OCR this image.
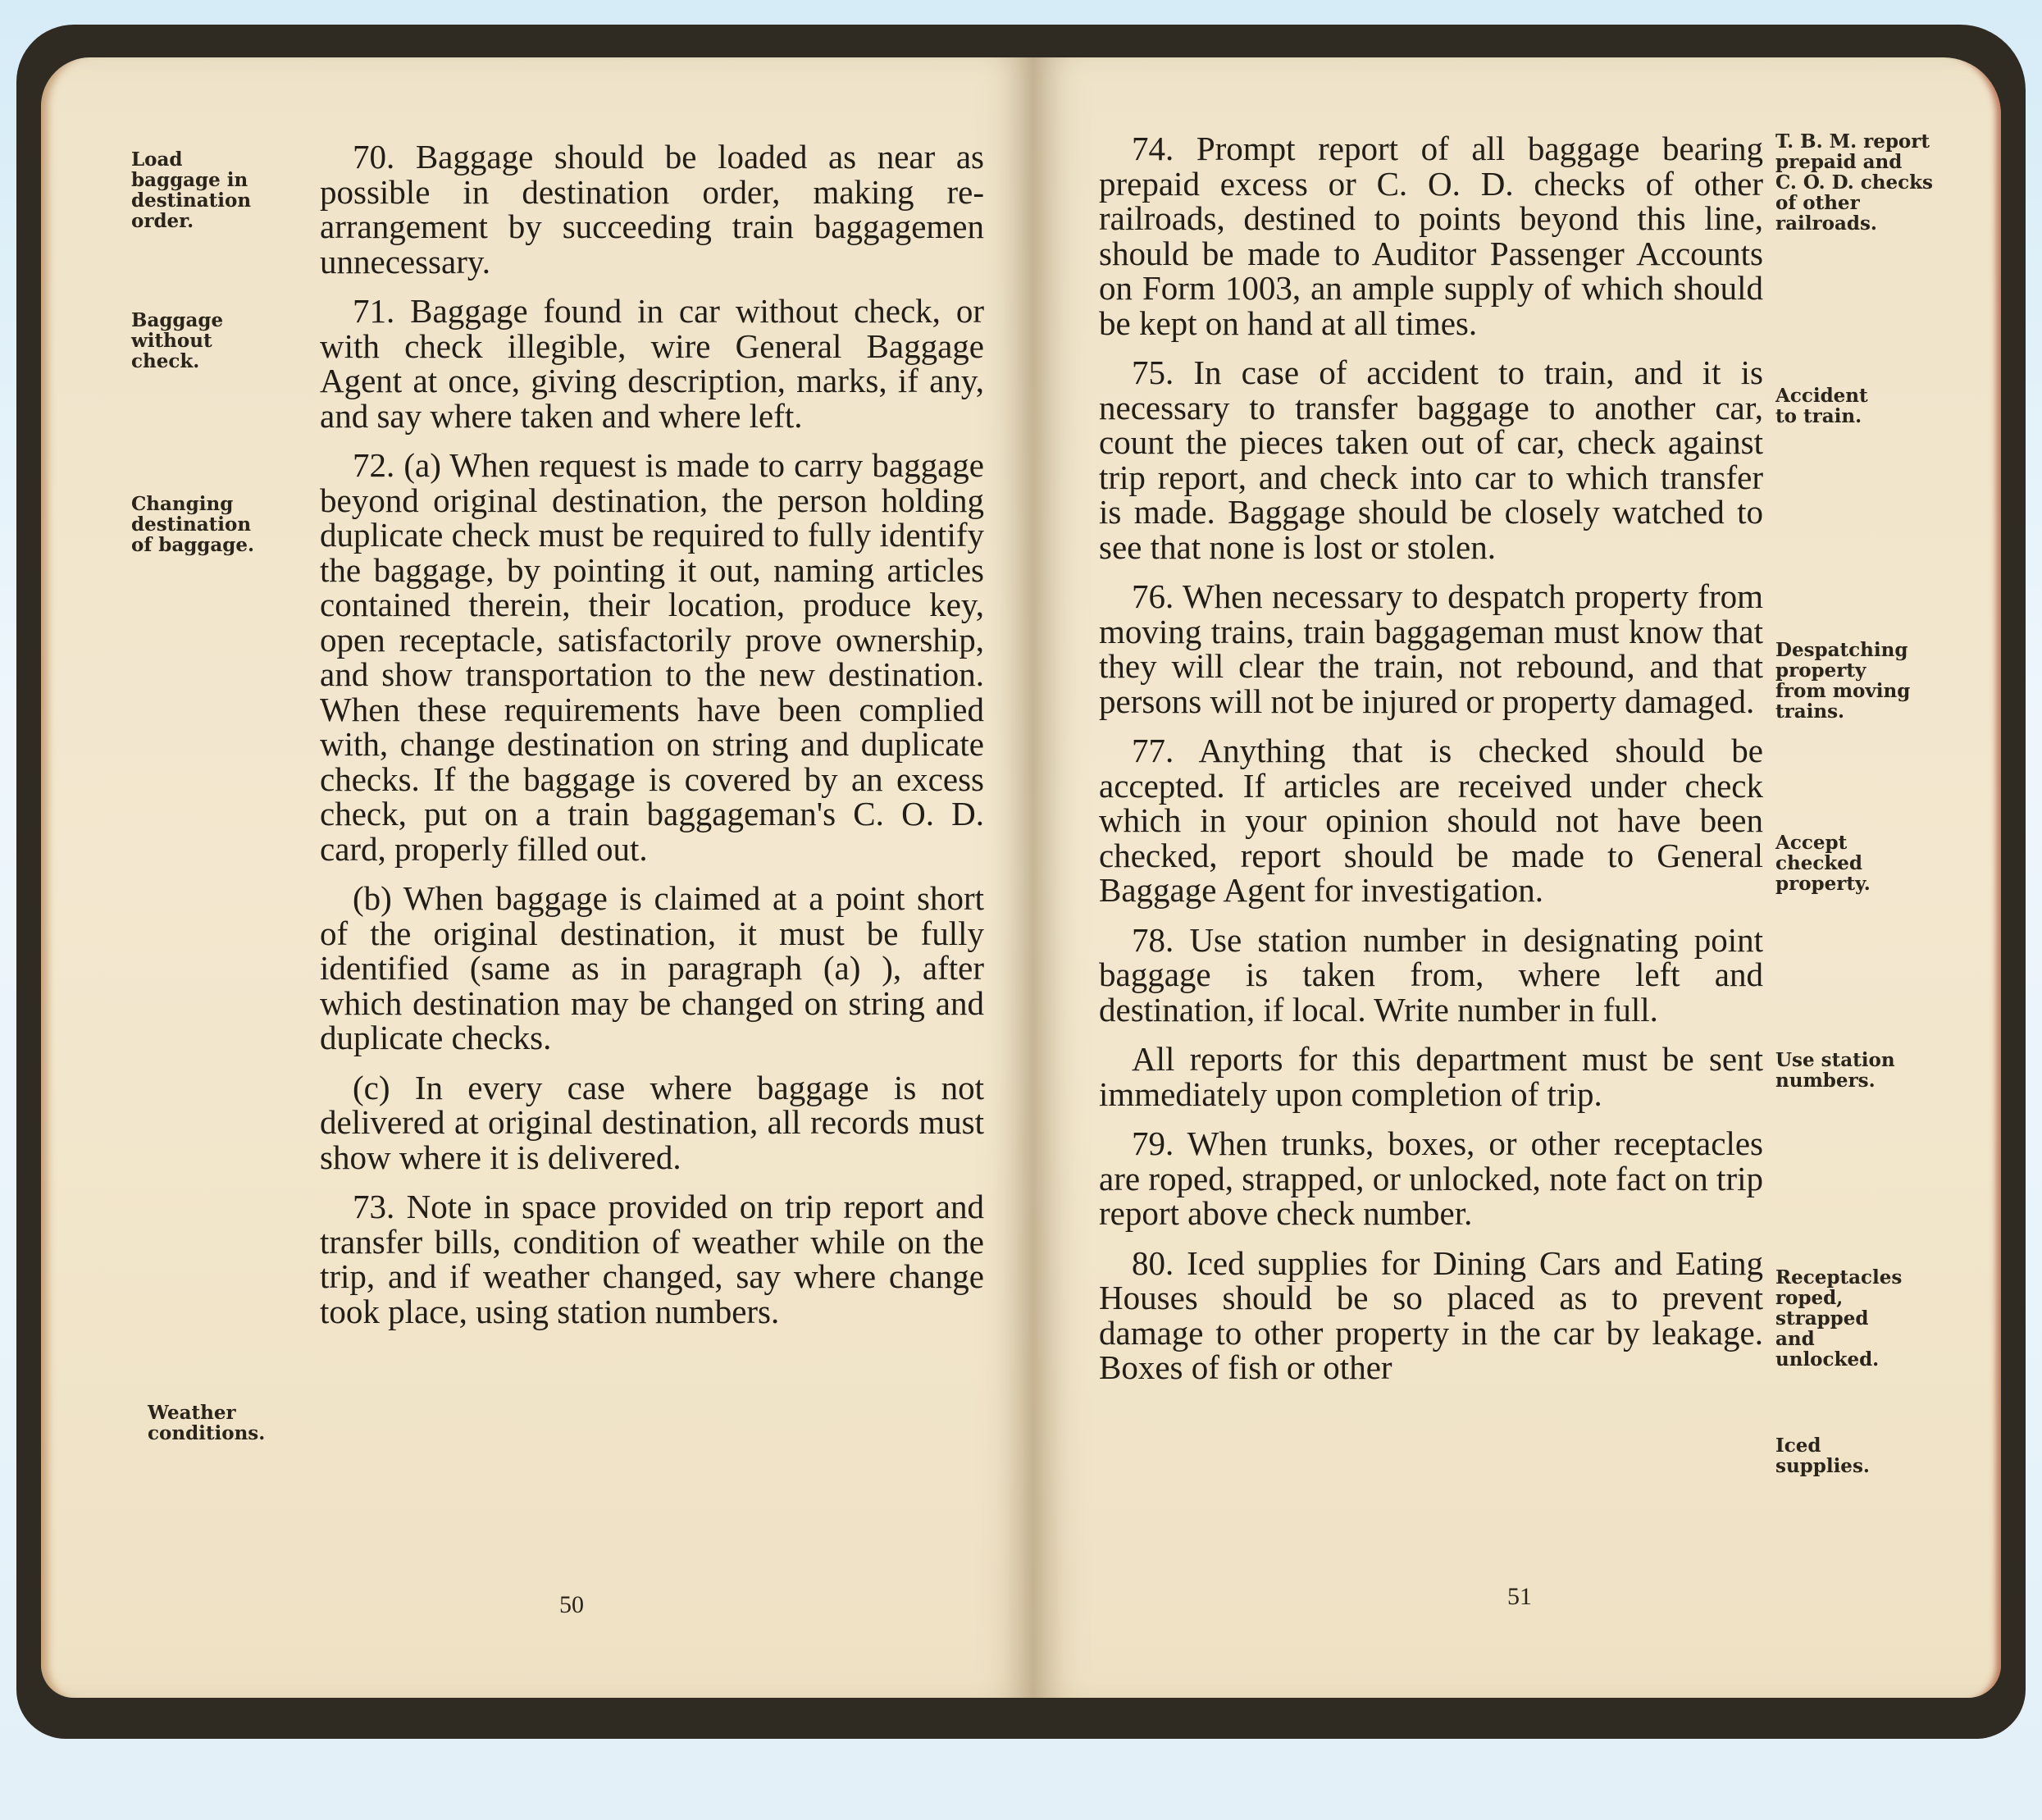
Load
baggage in
destination
order.
Baggage
without
check.
Changing
destination
of baggage.
Weather
conditions.

70. Baggage should be loaded as near as possible in destination order, making re-arrangement by succeeding train baggagemen unnecessary.

71. Baggage found in car without check, or with check illegible, wire General Baggage Agent at once, giving description, marks, if any, and say where taken and where left.

72. (a) When request is made to carry baggage beyond original destination, the person holding duplicate check must be required to fully identify the baggage, by pointing it out, naming articles contained therein, their location, produce key, open receptacle, satisfactorily prove ownership, and show transportation to the new destination. When these requirements have been complied with, change destination on string and duplicate checks. If the baggage is covered by an excess check, put on a train baggageman's C. O. D. card, properly filled out.

(b) When baggage is claimed at a point short of the original destination, it must be fully identified (same as in paragraph (a) ), after which destination may be changed on string and duplicate checks.

(c) In every case where baggage is not delivered at original destination, all records must show where it is delivered.

73. Note in space provided on trip report and transfer bills, condition of weather while on the trip, and if weather changed, say where change took place, using station numbers.

50

74. Prompt report of all baggage bearing prepaid excess or C. O. D. checks of other railroads, destined to points beyond this line, should be made to Auditor Passenger Accounts on Form 1003, an ample supply of which should be kept on hand at all times.

75. In case of accident to train, and it is necessary to transfer baggage to another car, count the pieces taken out of car, check against trip report, and check into car to which transfer is made. Baggage should be closely watched to see that none is lost or stolen.

76. When necessary to despatch property from moving trains, train baggageman must know that they will clear the train, not rebound, and that persons will not be injured or property damaged.

77. Anything that is checked should be accepted. If articles are received under check which in your opinion should not have been checked, report should be made to General Baggage Agent for investigation.

78. Use station number in designating point baggage is taken from, where left and destination, if local. Write number in full.

All reports for this department must be sent immediately upon completion of trip.

79. When trunks, boxes, or other receptacles are roped, strapped, or unlocked, note fact on trip report above check number.

80. Iced supplies for Dining Cars and Eating Houses should be so placed as to prevent damage to other property in the car by leakage. Boxes of fish or other

T. B. M. report
prepaid and
C. O. D. checks
of other
railroads.
Accident
to train.
Despatching
property
from moving
trains.
Accept
checked
property.
Use station
numbers.
Receptacles
roped,
strapped
and
unlocked.
Iced
supplies.
51
